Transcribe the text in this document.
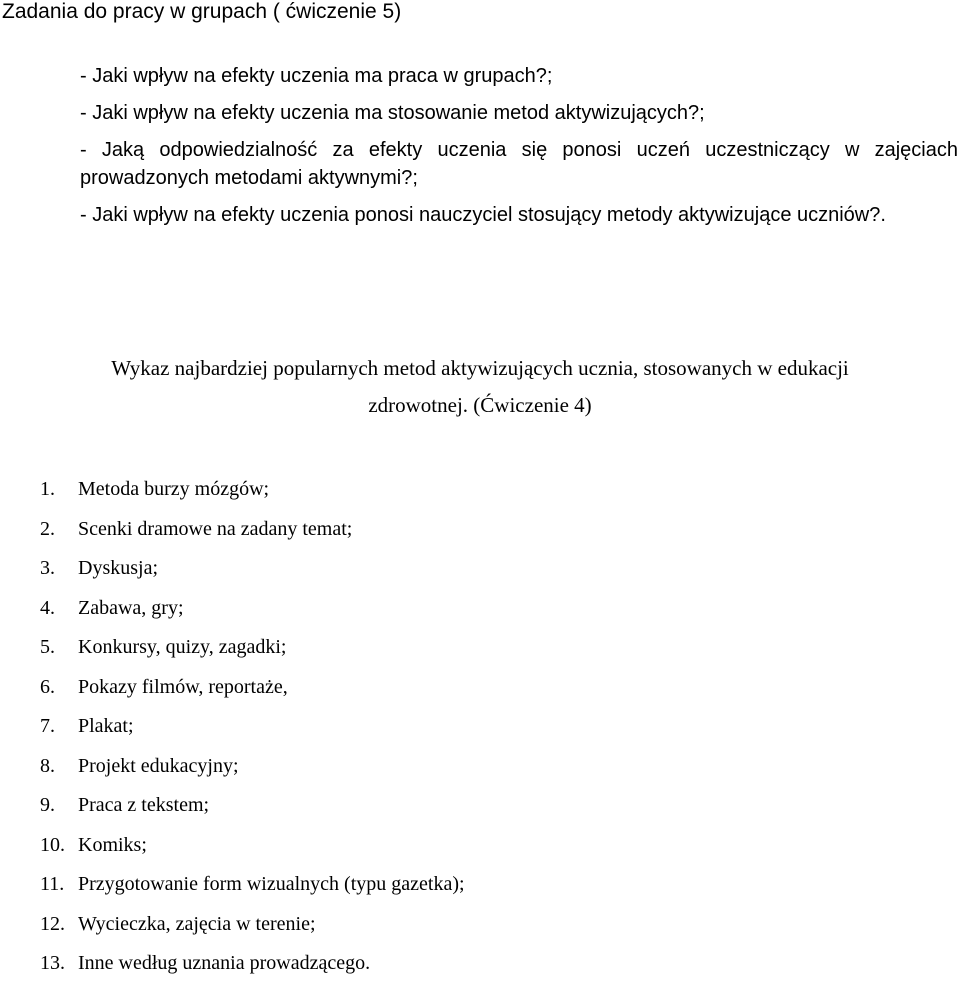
Zadania do pracy w grupach ( ćwiczenie 5)

- Jaki wpływ na efekty uczenia ma praca w grupach?;

- Jaki wpływ na efekty uczenia ma stosowanie metod aktywizujących?;

- Jaką odpowiedzialność za efekty uczenia się ponosi uczeń uczestniczący w zajęciach

prowadzonych metodami aktywnymi?;

- Jaki wpływ na efekty uczenia ponosi nauczyciel stosujący metody aktywizujące uczniów?.

Wykaz najbardziej popularnych metod aktywizujących ucznia, stosowanych w edukacji
zdrowotnej. (Ćwiczenie 4)
1. Metoda burzy mózgów;
2. Scenki dramowe na zadany temat;
3. Dyskusja;
4. Zabawa, gry;
5. Konkursy, quizy, zagadki;
6. Pokazy filmów, reportaże,
7. Plakat;
8. Projekt edukacyjny;
9. Praca z tekstem;
10. Komiks;
11. Przygotowanie form wizualnych (typu gazetka);
12. Wycieczka, zajęcia w terenie;
13. Inne według uznania prowadzącego.
